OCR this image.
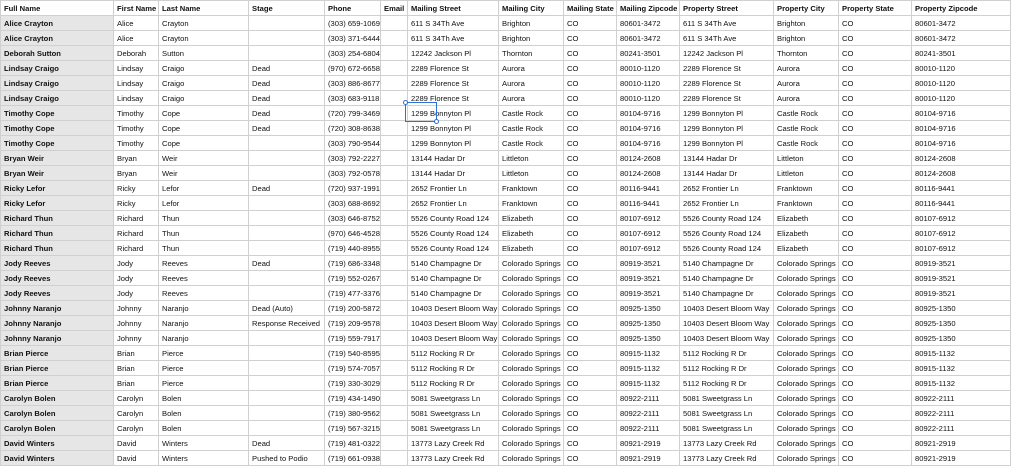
Full Name	First Name	Last Name	Stage	Phone	Email	Mailing Street	Mailing City	Mailing State	Mailing Zipcode	Property Street	Property City	Property State	Property Zipcode
Alice Crayton	Alice	Crayton		(303) 659-1069		611 S 34Th Ave	Brighton	CO	80601-3472	611 S 34Th Ave	Brighton	CO	80601-3472
Alice Crayton	Alice	Crayton		(303) 371-6444		611 S 34Th Ave	Brighton	CO	80601-3472	611 S 34Th Ave	Brighton	CO	80601-3472
Deborah Sutton	Deborah	Sutton		(303) 254-6804		12242 Jackson Pl	Thornton	CO	80241-3501	12242 Jackson Pl	Thornton	CO	80241-3501
Lindsay Craigo	Lindsay	Craigo	Dead	(970) 672-6658		2289 Florence St	Aurora	CO	80010-1120	2289 Florence St	Aurora	CO	80010-1120
Lindsay Craigo	Lindsay	Craigo	Dead	(303) 886-8677		2289 Florence St	Aurora	CO	80010-1120	2289 Florence St	Aurora	CO	80010-1120
Lindsay Craigo	Lindsay	Craigo	Dead	(303) 683-9118		2289 Florence St	Aurora	CO	80010-1120	2289 Florence St	Aurora	CO	80010-1120
Timothy Cope	Timothy	Cope	Dead	(720) 799-3469		1299 Bonnyton Pl	Castle Rock	CO	80104-9716	1299 Bonnyton Pl	Castle Rock	CO	80104-9716
Timothy Cope	Timothy	Cope	Dead	(720) 308-8638		1299 Bonnyton Pl	Castle Rock	CO	80104-9716	1299 Bonnyton Pl	Castle Rock	CO	80104-9716
Timothy Cope	Timothy	Cope		(303) 790-9544		1299 Bonnyton Pl	Castle Rock	CO	80104-9716	1299 Bonnyton Pl	Castle Rock	CO	80104-9716
Bryan Weir	Bryan	Weir		(303) 792-2227		13144 Hadar Dr	Littleton	CO	80124-2608	13144 Hadar Dr	Littleton	CO	80124-2608
Bryan Weir	Bryan	Weir		(303) 792-0578		13144 Hadar Dr	Littleton	CO	80124-2608	13144 Hadar Dr	Littleton	CO	80124-2608
Ricky Lefor	Ricky	Lefor	Dead	(720) 937-1991		2652 Frontier Ln	Franktown	CO	80116-9441	2652 Frontier Ln	Franktown	CO	80116-9441
Ricky Lefor	Ricky	Lefor		(303) 688-8692		2652 Frontier Ln	Franktown	CO	80116-9441	2652 Frontier Ln	Franktown	CO	80116-9441
Richard Thun	Richard	Thun		(303) 646-8752		5526 County Road 124	Elizabeth	CO	80107-6912	5526 County Road 124	Elizabeth	CO	80107-6912
Richard Thun	Richard	Thun		(970) 646-4528		5526 County Road 124	Elizabeth	CO	80107-6912	5526 County Road 124	Elizabeth	CO	80107-6912
Richard Thun	Richard	Thun		(719) 440-8955		5526 County Road 124	Elizabeth	CO	80107-6912	5526 County Road 124	Elizabeth	CO	80107-6912
Jody Reeves	Jody	Reeves	Dead	(719) 686-3348		5140 Champagne Dr	Colorado Springs	CO	80919-3521	5140 Champagne Dr	Colorado Springs	CO	80919-3521
Jody Reeves	Jody	Reeves		(719) 552-0267		5140 Champagne Dr	Colorado Springs	CO	80919-3521	5140 Champagne Dr	Colorado Springs	CO	80919-3521
Jody Reeves	Jody	Reeves		(719) 477-3376		5140 Champagne Dr	Colorado Springs	CO	80919-3521	5140 Champagne Dr	Colorado Springs	CO	80919-3521
Johnny Naranjo	Johnny	Naranjo	Dead (Auto)	(719) 200-5872		10403 Desert Bloom Way	Colorado Springs	CO	80925-1350	10403 Desert Bloom Way	Colorado Springs	CO	80925-1350
Johnny Naranjo	Johnny	Naranjo	Response Received	(719) 209-9578		10403 Desert Bloom Way	Colorado Springs	CO	80925-1350	10403 Desert Bloom Way	Colorado Springs	CO	80925-1350
Johnny Naranjo	Johnny	Naranjo		(719) 559-7917		10403 Desert Bloom Way	Colorado Springs	CO	80925-1350	10403 Desert Bloom Way	Colorado Springs	CO	80925-1350
Brian Pierce	Brian	Pierce		(719) 540-8595		5112 Rocking R Dr	Colorado Springs	CO	80915-1132	5112 Rocking R Dr	Colorado Springs	CO	80915-1132
Brian Pierce	Brian	Pierce		(719) 574-7057		5112 Rocking R Dr	Colorado Springs	CO	80915-1132	5112 Rocking R Dr	Colorado Springs	CO	80915-1132
Brian Pierce	Brian	Pierce		(719) 330-3029		5112 Rocking R Dr	Colorado Springs	CO	80915-1132	5112 Rocking R Dr	Colorado Springs	CO	80915-1132
Carolyn Bolen	Carolyn	Bolen		(719) 434-1490		5081 Sweetgrass Ln	Colorado Springs	CO	80922-2111	5081 Sweetgrass Ln	Colorado Springs	CO	80922-2111
Carolyn Bolen	Carolyn	Bolen		(719) 380-9562		5081 Sweetgrass Ln	Colorado Springs	CO	80922-2111	5081 Sweetgrass Ln	Colorado Springs	CO	80922-2111
Carolyn Bolen	Carolyn	Bolen		(719) 567-3215		5081 Sweetgrass Ln	Colorado Springs	CO	80922-2111	5081 Sweetgrass Ln	Colorado Springs	CO	80922-2111
David Winters	David	Winters	Dead	(719) 481-0322		13773 Lazy Creek Rd	Colorado Springs	CO	80921-2919	13773 Lazy Creek Rd	Colorado Springs	CO	80921-2919
David Winters	David	Winters	Pushed to Podio	(719) 661-0938		13773 Lazy Creek Rd	Colorado Springs	CO	80921-2919	13773 Lazy Creek Rd	Colorado Springs	CO	80921-2919
